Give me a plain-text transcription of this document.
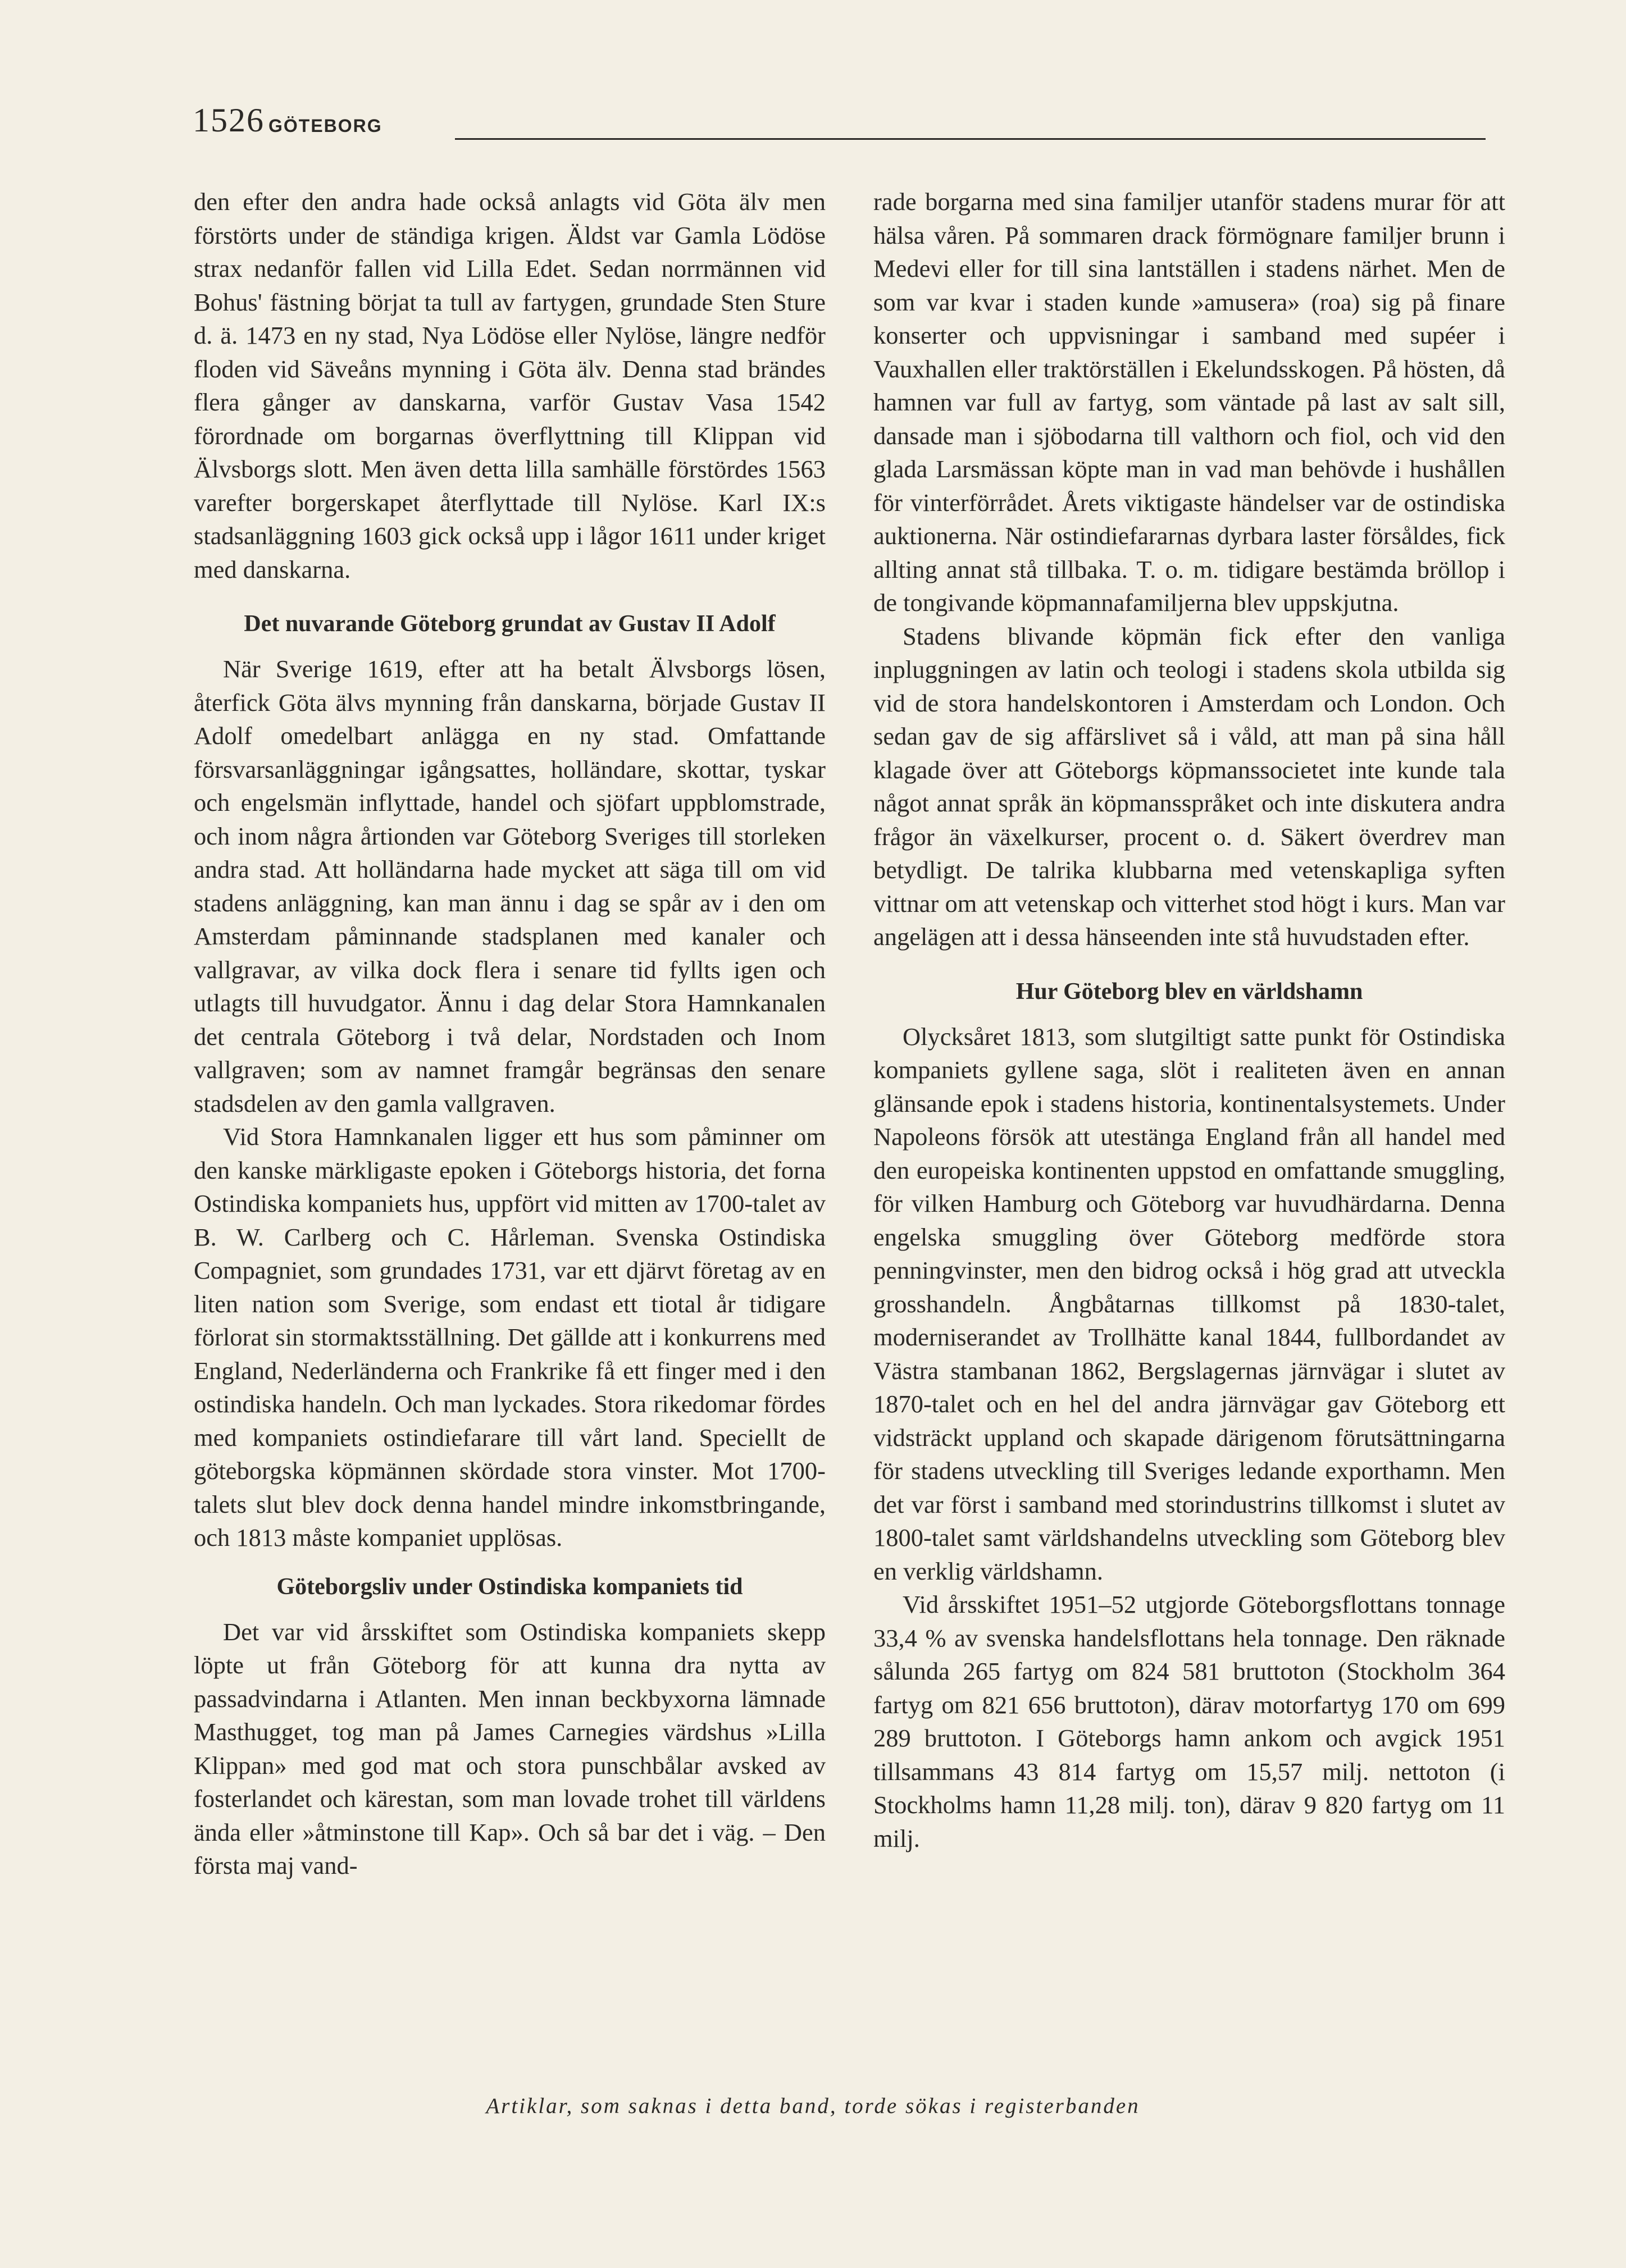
1526 GÖTEBORG

den efter den andra hade också anlagts vid Göta älv men förstörts under de ständiga krigen. Äldst var Gamla Lödöse strax nedanför fallen vid Lilla Edet. Sedan norrmännen vid Bohus' fästning börjat ta tull av fartygen, grundade Sten Sture d. ä. 1473 en ny stad, Nya Lödöse eller Nylöse, längre nedför floden vid Säveåns mynning i Göta älv. Denna stad brändes flera gånger av danskarna, varför Gustav Vasa 1542 förordnade om borgarnas överflyttning till Klippan vid Älvsborgs slott. Men även detta lilla samhälle förstördes 1563 varefter borgerskapet återflyttade till Nylöse. Karl IX:s stadsanläggning 1603 gick också upp i lågor 1611 under kriget med danskarna.

Det nuvarande Göteborg grundat av Gustav II Adolf

När Sverige 1619, efter att ha betalt Älvsborgs lösen, återfick Göta älvs mynning från danskarna, började Gustav II Adolf omedelbart anlägga en ny stad. Omfattande försvarsanläggningar igångsattes, holländare, skottar, tyskar och engelsmän inflyttade, handel och sjöfart uppblomstrade, och inom några årtionden var Göteborg Sveriges till storleken andra stad. Att holländarna hade mycket att säga till om vid stadens anläggning, kan man ännu i dag se spår av i den om Amsterdam påminnande stadsplanen med kanaler och vallgravar, av vilka dock flera i senare tid fyllts igen och utlagts till huvudgator. Ännu i dag delar Stora Hamnkanalen det centrala Göteborg i två delar, Nordstaden och Inom vallgraven; som av namnet framgår begränsas den senare stadsdelen av den gamla vallgraven.

Vid Stora Hamnkanalen ligger ett hus som påminner om den kanske märkligaste epoken i Göteborgs historia, det forna Ostindiska kompaniets hus, uppfört vid mitten av 1700-talet av B. W. Carlberg och C. Hårleman. Svenska Ostindiska Compagniet, som grundades 1731, var ett djärvt företag av en liten nation som Sverige, som endast ett tiotal år tidigare förlorat sin stormaktsställning. Det gällde att i konkurrens med England, Nederländerna och Frankrike få ett finger med i den ostindiska handeln. Och man lyckades. Stora rikedomar fördes med kompaniets ostindiefarare till vårt land. Speciellt de göteborgska köpmännen skördade stora vinster. Mot 1700-talets slut blev dock denna handel mindre inkomstbringande, och 1813 måste kompaniet upplösas.

Göteborgsliv under Ostindiska kompaniets tid

Det var vid årsskiftet som Ostindiska kompaniets skepp löpte ut från Göteborg för att kunna dra nytta av passadvindarna i Atlanten. Men innan beckbyxorna lämnade Masthugget, tog man på James Carnegies värdshus »Lilla Klippan» med god mat och stora punschbålar avsked av fosterlandet och kärestan, som man lovade trohet till världens ända eller »åtminstone till Kap». Och så bar det i väg. – Den första maj vand-

rade borgarna med sina familjer utanför stadens murar för att hälsa våren. På sommaren drack förmögnare familjer brunn i Medevi eller for till sina lantställen i stadens närhet. Men de som var kvar i staden kunde »amusera» (roa) sig på finare konserter och uppvisningar i samband med supéer i Vauxhallen eller traktörställen i Ekelundsskogen. På hösten, då hamnen var full av fartyg, som väntade på last av salt sill, dansade man i sjöbodarna till valthorn och fiol, och vid den glada Larsmässan köpte man in vad man behövde i hushållen för vinterförrådet. Årets viktigaste händelser var de ostindiska auktionerna. När ostindiefararnas dyrbara laster försåldes, fick allting annat stå tillbaka. T. o. m. tidigare bestämda bröllop i de tongivande köpmannafamiljerna blev uppskjutna.

Stadens blivande köpmän fick efter den vanliga inpluggningen av latin och teologi i stadens skola utbilda sig vid de stora handelskontoren i Amsterdam och London. Och sedan gav de sig affärslivet så i våld, att man på sina håll klagade över att Göteborgs köpmanssocietet inte kunde tala något annat språk än köpmansspråket och inte diskutera andra frågor än växelkurser, procent o. d. Säkert överdrev man betydligt. De talrika klubbarna med vetenskapliga syften vittnar om att vetenskap och vitterhet stod högt i kurs. Man var angelägen att i dessa hänseenden inte stå huvudstaden efter.

Hur Göteborg blev en världshamn

Olycksåret 1813, som slutgiltigt satte punkt för Ostindiska kompaniets gyllene saga, slöt i realiteten även en annan glänsande epok i stadens historia, kontinentalsystemets. Under Napoleons försök att utestänga England från all handel med den europeiska kontinenten uppstod en omfattande smuggling, för vilken Hamburg och Göteborg var huvudhärdarna. Denna engelska smuggling över Göteborg medförde stora penningvinster, men den bidrog också i hög grad att utveckla grosshandeln. Ångbåtarnas tillkomst på 1830-talet, moderniserandet av Trollhätte kanal 1844, fullbordandet av Västra stambanan 1862, Bergslagernas järnvägar i slutet av 1870-talet och en hel del andra järnvägar gav Göteborg ett vidsträckt uppland och skapade därigenom förutsättningarna för stadens utveckling till Sveriges ledande exporthamn. Men det var först i samband med storindustrins tillkomst i slutet av 1800-talet samt världshandelns utveckling som Göteborg blev en verklig världshamn.

Vid årsskiftet 1951–52 utgjorde Göteborgsflottans tonnage 33,4 % av svenska handelsflottans hela tonnage. Den räknade sålunda 265 fartyg om 824 581 bruttoton (Stockholm 364 fartyg om 821 656 bruttoton), därav motorfartyg 170 om 699 289 bruttoton. I Göteborgs hamn ankom och avgick 1951 tillsammans 43 814 fartyg om 15,57 milj. nettoton (i Stockholms hamn 11,28 milj. ton), därav 9 820 fartyg om 11 milj.

Artiklar, som saknas i detta band, torde sökas i registerbanden
